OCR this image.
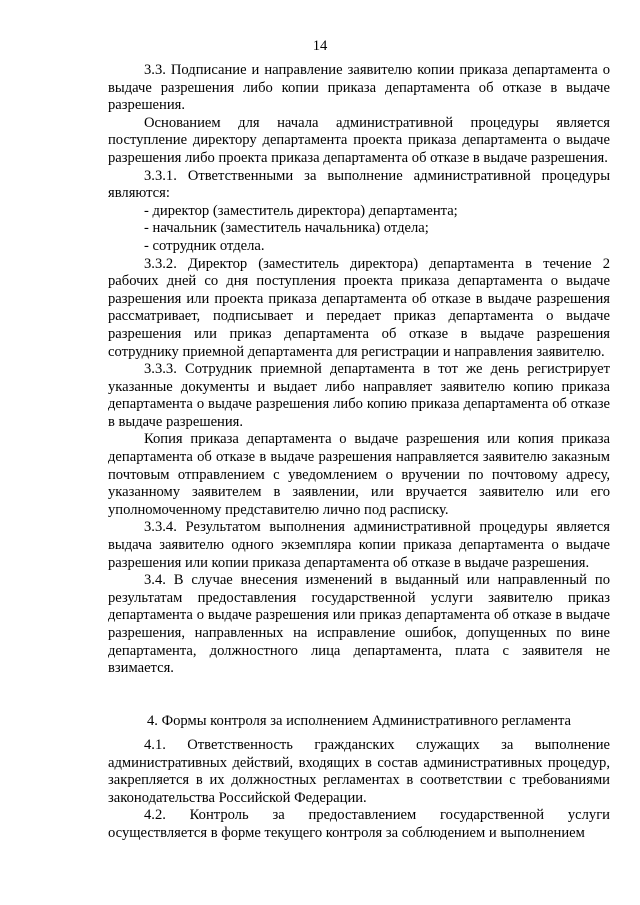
14

3.3. Подписание и направление заявителю копии приказа департамента о выдаче разрешения либо копии приказа департамента об отказе в выдаче разрешения.

Основанием для начала административной процедуры является поступление директору департамента проекта приказа департамента о выдаче разрешения либо проекта приказа департамента об отказе в выдаче разрешения.

3.3.1. Ответственными за выполнение административной процедуры являются:

- директор (заместитель директора) департамента;

- начальник (заместитель начальника) отдела;

- сотрудник отдела.

3.3.2. Директор (заместитель директора) департамента в течение 2 рабочих дней со дня поступления проекта приказа департамента о выдаче разрешения или проекта приказа департамента об отказе в выдаче разрешения рассматривает, подписывает и передает приказ департамента о выдаче разрешения или приказ департамента об отказе в выдаче разрешения сотруднику приемной департамента для регистрации и направления заявителю.

3.3.3. Сотрудник приемной департамента в тот же день регистрирует указанные документы и выдает либо направляет заявителю копию приказа департамента о выдаче разрешения либо копию приказа департамента об отказе в выдаче разрешения.

Копия приказа департамента о выдаче разрешения или копия приказа департамента об отказе в выдаче разрешения направляется заявителю заказным почтовым отправлением с уведомлением о вручении по почтовому адресу, указанному заявителем в заявлении, или вручается заявителю или его уполномоченному представителю лично под расписку.

3.3.4. Результатом выполнения административной процедуры является выдача заявителю одного экземпляра копии приказа департамента о выдаче разрешения или копии приказа департамента об отказе в выдаче разрешения.

3.4. В случае внесения изменений в выданный или направленный по результатам предоставления государственной услуги заявителю приказ департамента о выдаче разрешения или приказ департамента об отказе в выдаче разрешения, направленных на исправление ошибок, допущенных по вине департамента, должностного лица департамента, плата с заявителя не взимается.

4. Формы контроля за исполнением Административного регламента

4.1. Ответственность гражданских служащих за выполнение административных действий, входящих в состав административных процедур, закрепляется в их должностных регламентах в соответствии с требованиями законодательства Российской Федерации.

4.2. Контроль за предоставлением государственной услуги осуществляется в форме текущего контроля за соблюдением и выполнением
